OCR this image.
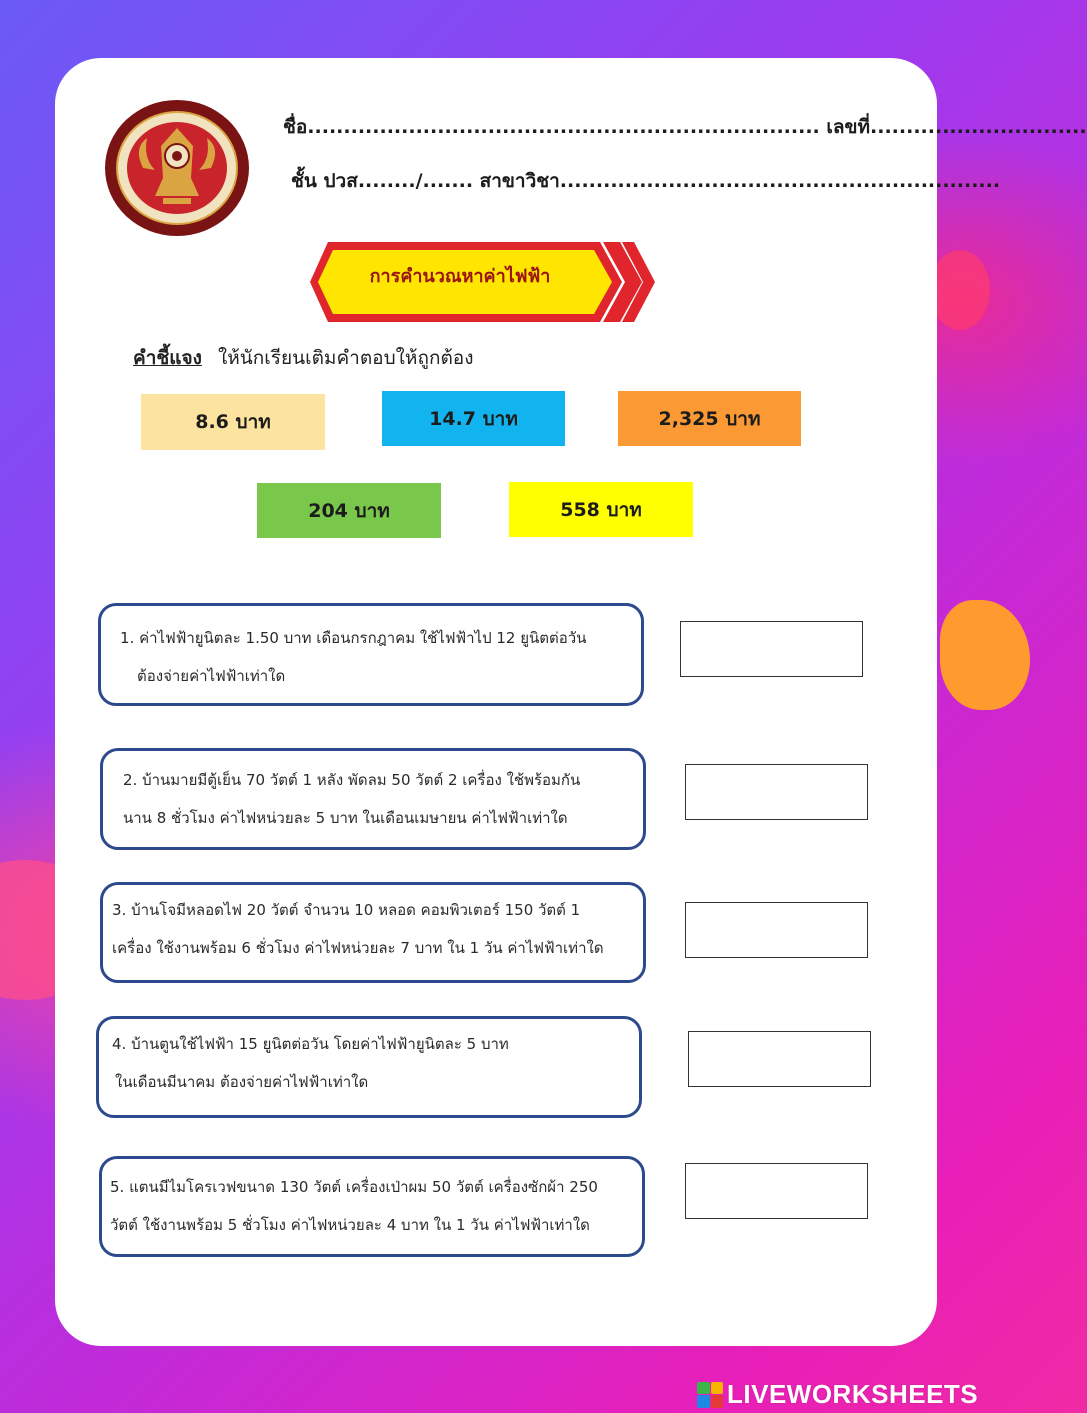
ชื่อ....................................................................... เลขที่..............................
ชั้น ปวส......../....... สาขาวิชา.............................................................
การคำนวณหาค่าไฟฟ้า
คำชี้แจง ให้นักเรียนเติมคำตอบให้ถูกต้อง
8.6 บาท	14.7 บาท	2,325 บาท
204 บาท	558 บาท
1. ค่าไฟฟ้ายูนิตละ 1.50 บาท เดือนกรกฎาคม ใช้ไฟฟ้าไป 12 ยูนิตต่อวัน
ต้องจ่ายค่าไฟฟ้าเท่าใด
2. บ้านมายมีตู้เย็น 70 วัตต์ 1 หลัง พัดลม 50 วัตต์ 2 เครื่อง ใช้พร้อมกัน
นาน 8 ชั่วโมง ค่าไฟหน่วยละ 5 บาท ในเดือนเมษายน ค่าไฟฟ้าเท่าใด
3. บ้านโจมีหลอดไฟ 20 วัตต์ จำนวน 10 หลอด คอมพิวเตอร์ 150 วัตต์ 1
เครื่อง ใช้งานพร้อม 6 ชั่วโมง ค่าไฟหน่วยละ 7 บาท ใน 1 วัน ค่าไฟฟ้าเท่าใด
4. บ้านตูนใช้ไฟฟ้า 15 ยูนิตต่อวัน โดยค่าไฟฟ้ายูนิตละ 5 บาท
ในเดือนมีนาคม ต้องจ่ายค่าไฟฟ้าเท่าใด
5. แตนมีไมโครเวฟขนาด 130 วัตต์ เครื่องเป่าผม 50 วัตต์ เครื่องซักผ้า 250
วัตต์ ใช้งานพร้อม 5 ชั่วโมง ค่าไฟหน่วยละ 4 บาท ใน 1 วัน ค่าไฟฟ้าเท่าใด
LIVEWORKSHEETS
